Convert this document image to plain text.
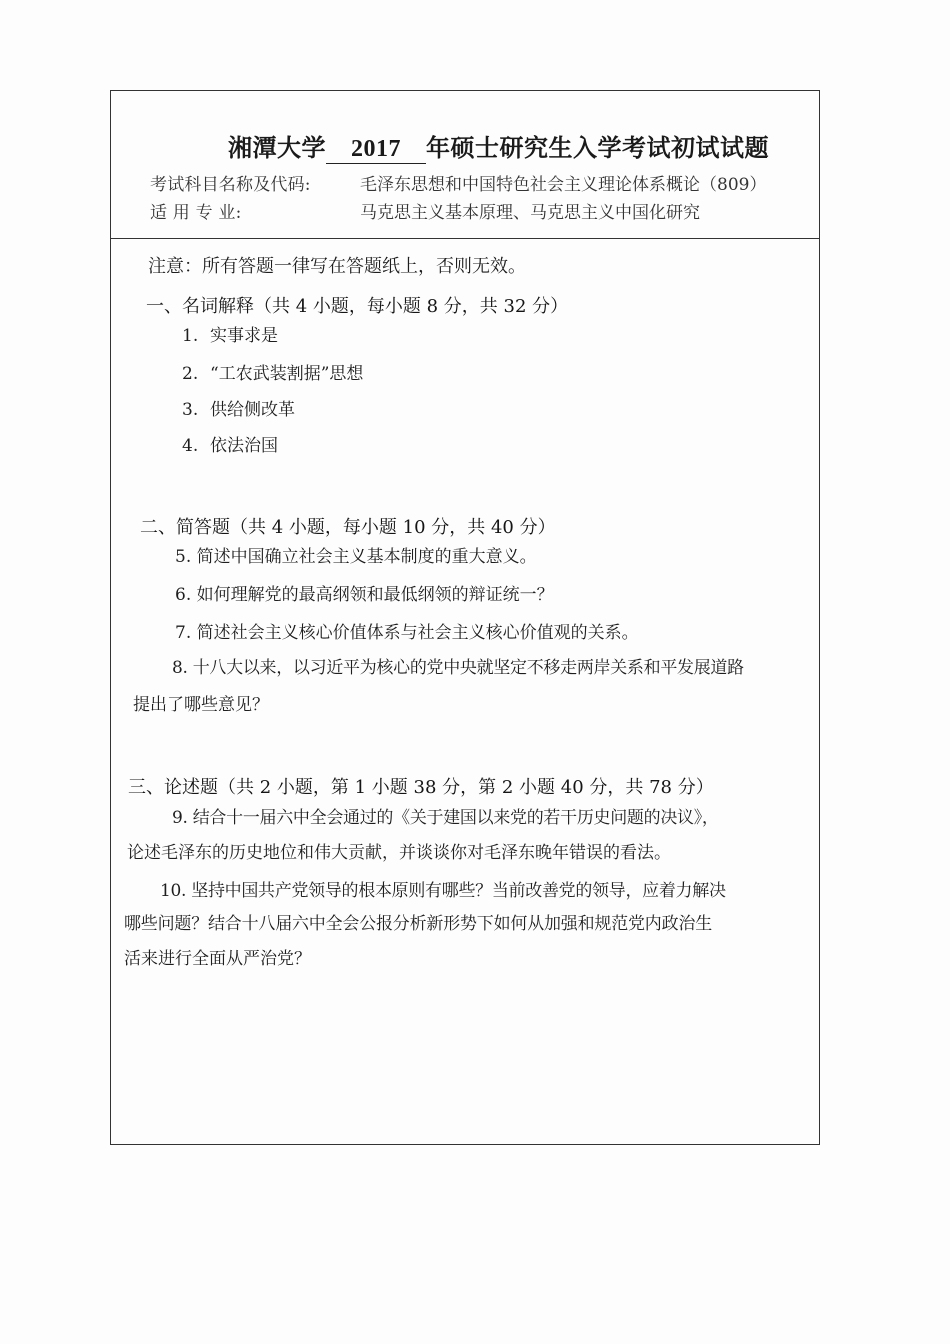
湘潭大学 2017 年硕士研究生入学考试初试试题
考试科目名称及代码:	毛泽东思想和中国特色社会主义理论体系概论（809）
适 用 专 业:	马克思主义基本原理、马克思主义中国化研究
注意：所有答题一律写在答题纸上，否则无效。
一、名词解释（共 4 小题，每小题 8 分，共 32 分）
1. 实事求是
2. “工农武装割据”思想
3. 供给侧改革
4. 依法治国
二、简答题（共 4 小题，每小题 10 分，共 40 分）
5. 简述中国确立社会主义基本制度的重大意义。
6. 如何理解党的最高纲领和最低纲领的辩证统一？
7. 简述社会主义核心价值体系与社会主义核心价值观的关系。
8. 十八大以来，以习近平为核心的党中央就坚定不移走两岸关系和平发展道路
提出了哪些意见？
三、论述题（共 2 小题，第 1 小题 38 分，第 2 小题 40 分，共 78 分）
9. 结合十一届六中全会通过的《关于建国以来党的若干历史问题的决议》，
论述毛泽东的历史地位和伟大贡献，并谈谈你对毛泽东晚年错误的看法。
10. 坚持中国共产党领导的根本原则有哪些？当前改善党的领导，应着力解决
哪些问题？结合十八届六中全会公报分析新形势下如何从加强和规范党内政治生
活来进行全面从严治党？
